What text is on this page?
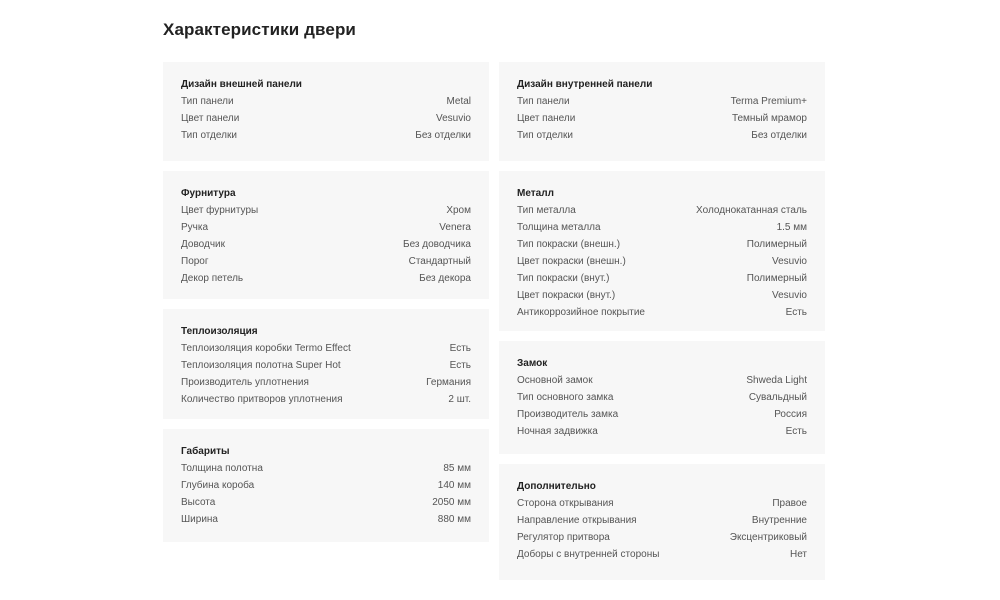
Характеристики двери
Дизайн внешней панели
Тип панели	Metal
Цвет панели	Vesuvio
Тип отделки	Без отделки
Фурнитура
Цвет фурнитуры	Хром
Ручка	Venera
Доводчик	Без доводчика
Порог	Стандартный
Декор петель	Без декора
Теплоизоляция
Теплоизоляция коробки Termo Effect	Есть
Теплоизоляция полотна Super Hot	Есть
Производитель уплотнения	Германия
Количество притворов уплотнения	2 шт.
Габариты
Толщина полотна	85 мм
Глубина короба	140 мм
Высота	2050 мм
Ширина	880 мм
Дизайн внутренней панели
Тип панели	Terma Premium+
Цвет панели	Темный мрамор
Тип отделки	Без отделки
Металл
Тип металла	Холоднокатанная сталь
Толщина металла	1.5 мм
Тип покраски (внешн.)	Полимерный
Цвет покраски (внешн.)	Vesuvio
Тип покраски (внут.)	Полимерный
Цвет покраски (внут.)	Vesuvio
Антикоррозийное покрытие	Есть
Замок
Основной замок	Shweda Light
Тип основного замка	Сувальдный
Производитель замка	Россия
Ночная задвижка	Есть
Дополнительно
Сторона открывания	Правое
Направление открывания	Внутренние
Регулятор притвора	Эксцентриковый
Доборы с внутренней стороны	Нет
